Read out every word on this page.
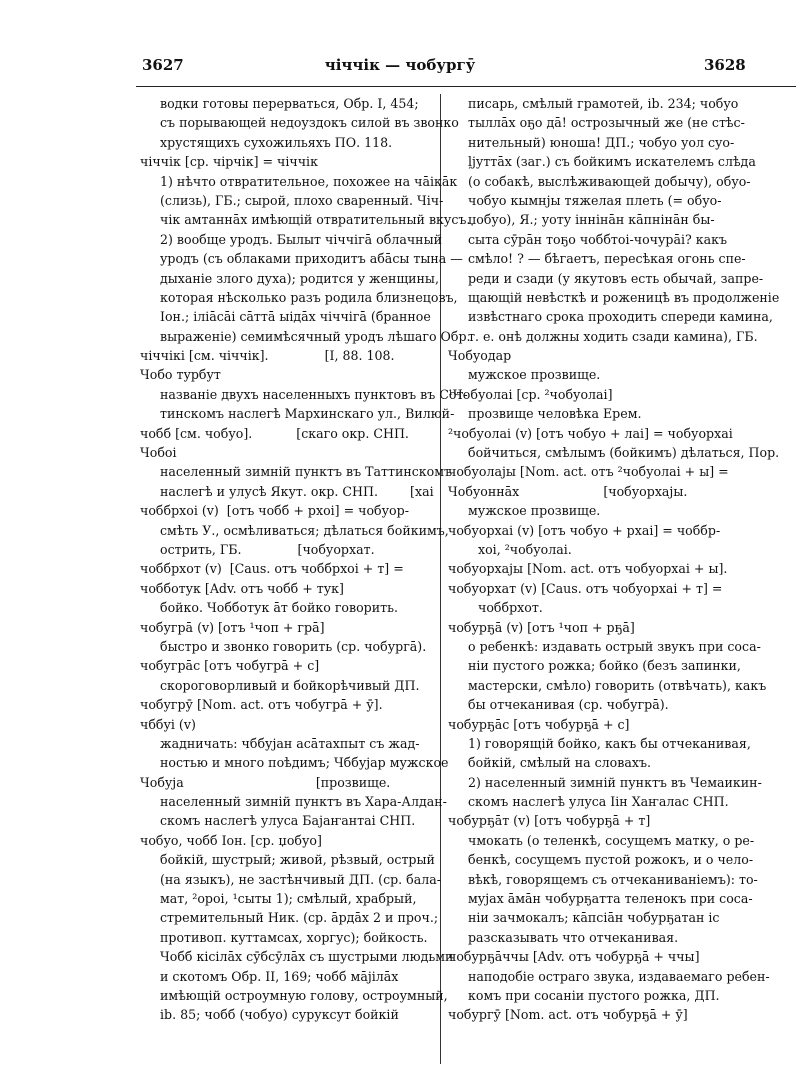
3627	чіччік — чобургӯ	3628
водки готовы перерваться, Обр. I, 454;
съ порывающей недоуздокъ силой въ звонко
хрустящихъ сухожильяхъ ПО. 118.
чіччік [ср. чірчік] = чіччік
1) нѣчто отвратительное, похожее на чāікāк
(слизь), ГБ.; сырой, плохо сваренный. Чіч-
чік амтаннāх имѣющій отвратительный вкусъ.
2) вообще уродъ. Былыт чіччігā облачный
уродъ (съ облаками приходитъ абāсы тына —
дыханіе злого духа); родится у женщины,
которая нѣсколько разъ родила близнецовъ,
Іон.; іліāсāі сāттā ыідāх чіччігā (бранное
выраженіе) семимѣсячный уродъ лѣшаго Обр.
чіччікі [см. чіччік].              [I, 88. 108.
Чобо турбут
названіе двухъ населенныхъ пунктовъ въ Сот-
тинскомъ наслегѣ Мархинскаго ул., Вилюй-
чобб [см. чобуо].           [скаго окр. СНП.
Чобоі
населенный зимній пунктъ въ Таттинскомъ
наслегѣ и улусѣ Якут. окр. СНП.        [хаі
чоббрхоі (v)  [отъ чобб + рхоі] = чобуор-
смѣть У., осмѣливаться; дѣлаться бойкимъ,
острить, ГБ.              [чобуорхат.
чоббрхот (v)  [Caus. отъ чоббрхоі + т] =
чобботук [Adv. отъ чобб + тук]
бойко. Чобботук āт бойко говорить.
чобугрā (v) [отъ ¹чоп + грā]
быстро и звонко говорить (ср. чобургā).
чобугрāс [отъ чобугрā + с]
скороговорливый и бойкорѣчивый ДП.
чобугрӯ [Nom. act. отъ чобугрā + ӯ].
чббуі (v)
жадничать: чббујан асāтахпыт съ жад-
ностью и много поѣдимъ; Чббујар мужское
Чобуја                                 [прозвище.
населенный зимній пунктъ въ Хара-Алдан-
скомъ наслегѣ улуса Бајаҥантаі СНП.
чобуо, чобб Іон. [ср. џобуо]
бойкій, шустрый; живой, рѣзвый, острый
(на языкъ), не застѣнчивый ДП. (ср. бала-
мат, ²ороі, ¹сыты 1); смѣлый, храбрый,
стремительный Ник. (ср. āрдāх 2 и проч.;
противоп. куттамсах, хоргус); бойкость.
Чобб кісілāх сӯбсӯлāх съ шустрыми людьми
и скотомъ Обр. II, 169; чобб мāјілāх
имѣющій остроумную голову, остроумный,
ib. 85; чобб (чобуо) суруксут бойкій
писарь, смѣлый грамотей, ib. 234; чобуо
тыллāх оҕо дā! острозычный же (не стѣс-
нительный) юноша! ДП.; чобуо уол суо-
ļјуттāх (заг.) съ бойкимъ искателемъ слѣда
(о собакѣ, выслѣживающей добычу), обуо-
чобуо кымнјы тяжелая плеть (= обуо-
џобуо), Я.; уоту іннінāн кāпнінāн бы-
сыта сӯрāн тоҕо чоббтоі-чочурāі? какъ
смѣло! ? — бѣгаетъ, пересѣкая огонь спе-
реди и сзади (у якутовъ есть обычай, запре-
щающій невѣсткѣ и роженицѣ въ продолженіе
извѣстнаго срока проходить спереди камина,
т. е. онѣ должны ходить сзади камина), ГБ.
Чобуодар
мужское прозвище.
¹Чобуолаі [ср. ²чобуолаі]
прозвище человѣка Ерем.
²чобуолаі (v) [отъ чобуо + лаі] = чобуорхаі
бойчиться, смѣлымъ (бойкимъ) дѣлаться, Пор.
чобуолајы [Nom. act. отъ ²чобуолаі + ы] =
Чобуоннāх                     [чобуорхајы.
мужское прозвище.
чобуорхаі (v) [отъ чобуо + рхаі] = чоббр-
хоі, ²чобуолаі.
чобуорхајы [Nom. act. отъ чобуорхаі + ы].
чобуорхат (v) [Caus. отъ чобуорхаі + т] =
чоббрхот.
чобурҕā (v) [отъ ¹чоп + рҕā]
о ребенкѣ: издавать острый звукъ при соса-
ніи пустого рожка; бойко (безъ запинки,
мастерски, смѣло) говорить (отвѣчать), какъ
бы отчеканивая (ср. чобугрā).
чобурҕāс [отъ чобурҕā + с]
1) говорящій бойко, какъ бы отчеканивая,
бойкій, смѣлый на словахъ.
2) населенный зимній пунктъ въ Чемаикин-
скомъ наслегѣ улуса Іін Хаҥалас СНП.
чобурҕāт (v) [отъ чобурҕā + т]
чмокать (о теленкѣ, сосущемъ матку, о ре-
бенкѣ, сосущемъ пустой рожокъ, и о чело-
вѣкѣ, говорящемъ съ отчеканиваніемъ): то-
мујах āмāн чобурҕатта теленокъ при соса-
ніи зачмокалъ; кāпсіāн чобурҕатан іс
разсказывать что отчеканивая.
чобурҕāччы [Adv. отъ чобурҕā + ччы]
наподобіе остраго звука, издаваемаго ребен-
комъ при сосаніи пустого рожка, ДП.
чобургӯ [Nom. act. отъ чобурҕā + ӯ]
